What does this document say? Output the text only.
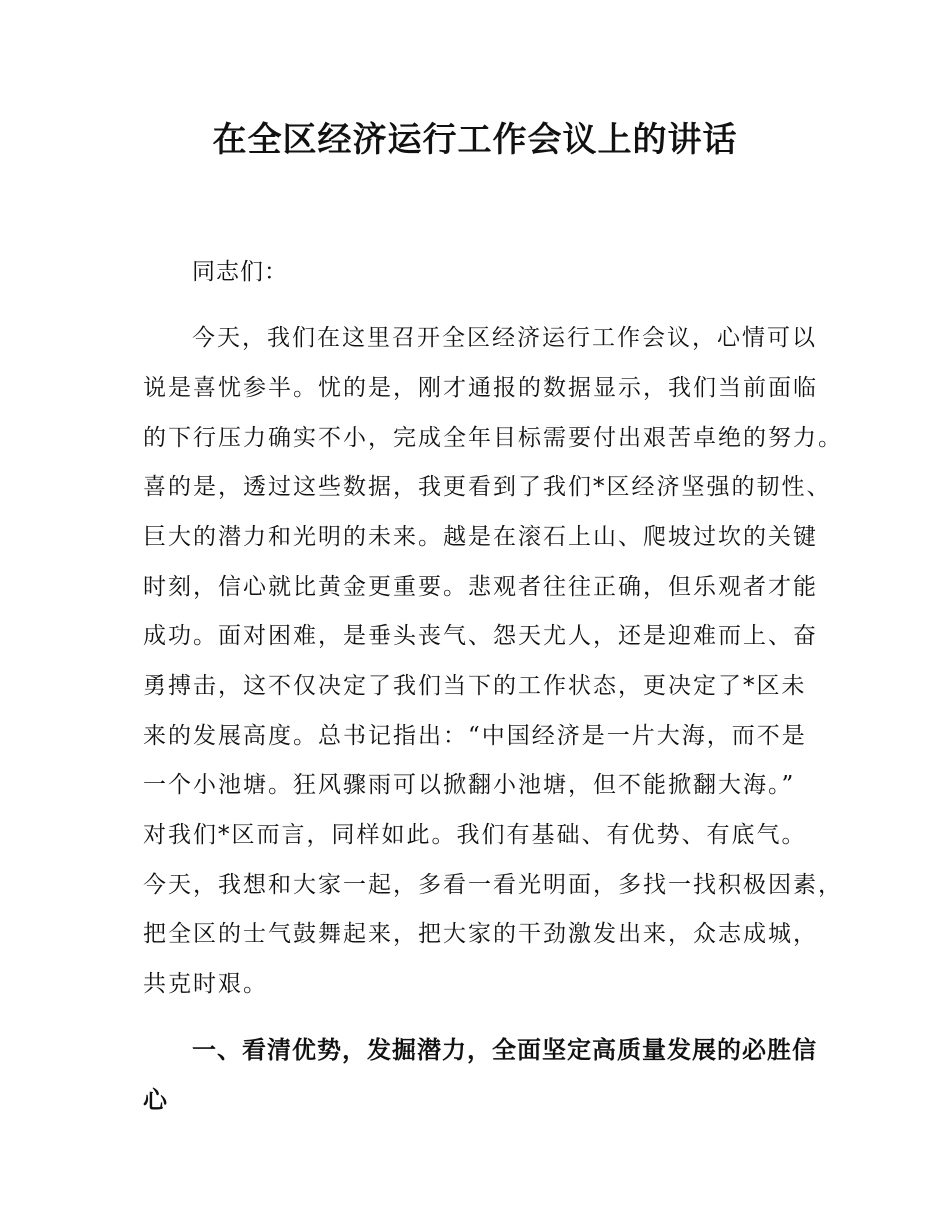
在全区经济运行工作会议上的讲话

同志们：

今天，我们在这里召开全区经济运行工作会议，心情可以

说是喜忧参半。忧的是，刚才通报的数据显示，我们当前面临

的下行压力确实不小，完成全年目标需要付出艰苦卓绝的努力。

喜的是，透过这些数据，我更看到了我们*区经济坚强的韧性、

巨大的潜力和光明的未来。越是在滚石上山、爬坡过坎的关键

时刻，信心就比黄金更重要。悲观者往往正确，但乐观者才能

成功。面对困难，是垂头丧气、怨天尤人，还是迎难而上、奋

勇搏击，这不仅决定了我们当下的工作状态，更决定了*区未

来的发展高度。总书记指出：“中国经济是一片大海，而不是

一个小池塘。狂风骤雨可以掀翻小池塘，但不能掀翻大海。”

对我们*区而言，同样如此。我们有基础、有优势、有底气。

今天，我想和大家一起，多看一看光明面，多找一找积极因素，

把全区的士气鼓舞起来，把大家的干劲激发出来，众志成城，

共克时艰。

一、看清优势，发掘潜力，全面坚定高质量发展的必胜信

心
